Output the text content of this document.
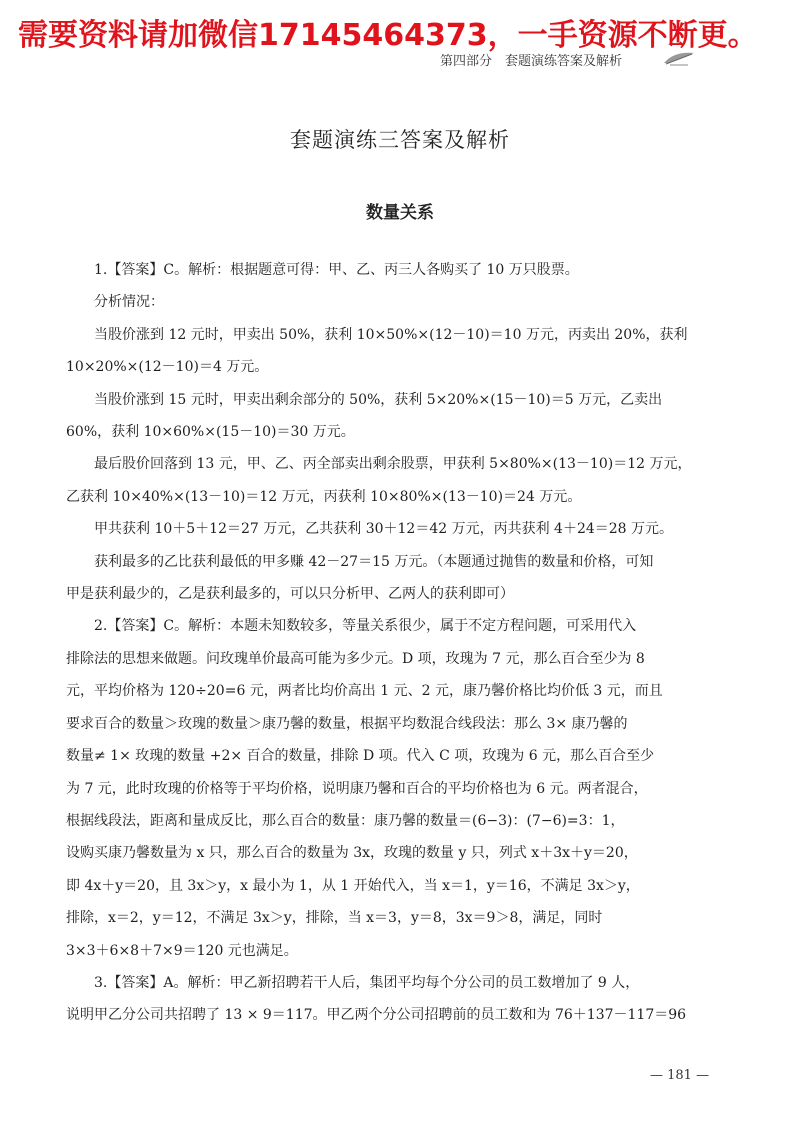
需要资料请加微信17145464373，一手资源不断更。
第四部分　套题演练答案及解析
套题演练三答案及解析
数量关系

1.【答案】C。解析：根据题意可得：甲、乙、丙三人各购买了 10 万只股票。

分析情况：

当股价涨到 12 元时，甲卖出 50%，获利 10×50%×(12－10)＝10 万元，丙卖出 20%，获利

10×20%×(12－10)＝4 万元。

当股价涨到 15 元时，甲卖出剩余部分的 50%，获利 5×20%×(15－10)＝5 万元，乙卖出

60%，获利 10×60%×(15－10)＝30 万元。

最后股价回落到 13 元，甲、乙、丙全部卖出剩余股票，甲获利 5×80%×(13－10)＝12 万元，

乙获利 10×40%×(13－10)＝12 万元，丙获利 10×80%×(13－10)＝24 万元。

甲共获利 10＋5＋12＝27 万元，乙共获利 30＋12＝42 万元，丙共获利 4＋24＝28 万元。

获利最多的乙比获利最低的甲多赚 42－27＝15 万元。（本题通过抛售的数量和价格，可知

甲是获利最少的，乙是获利最多的，可以只分析甲、乙两人的获利即可）

2.【答案】C。解析：本题未知数较多，等量关系很少，属于不定方程问题，可采用代入

排除法的思想来做题。问玫瑰单价最高可能为多少元。D 项，玫瑰为 7 元，那么百合至少为 8

元，平均价格为 120÷20=6 元，两者比均价高出 1 元、2 元，康乃馨价格比均价低 3 元，而且

要求百合的数量＞玫瑰的数量＞康乃馨的数量，根据平均数混合线段法：那么 3× 康乃馨的

数量≠ 1× 玫瑰的数量 +2× 百合的数量，排除 D 项。代入 C 项，玫瑰为 6 元，那么百合至少

为 7 元，此时玫瑰的价格等于平均价格，说明康乃馨和百合的平均价格也为 6 元。两者混合，

根据线段法，距离和量成反比，那么百合的数量：康乃馨的数量＝(6−3)：(7−6)=3：1，

设购买康乃馨数量为 x 只，那么百合的数量为 3x，玫瑰的数量 y 只，列式 x＋3x＋y＝20，

即 4x＋y＝20，且 3x＞y，x 最小为 1，从 1 开始代入，当 x＝1，y＝16，不满足 3x＞y，

排除，x＝2，y＝12，不满足 3x＞y，排除，当 x＝3，y＝8，3x＝9＞8，满足，同时

3×3＋6×8＋7×9＝120 元也满足。

3.【答案】A。解析：甲乙新招聘若干人后，集团平均每个分公司的员工数增加了 9 人，

说明甲乙分公司共招聘了 13 × 9＝117。甲乙两个分公司招聘前的员工数和为 76＋137－117＝96

— 181 —
